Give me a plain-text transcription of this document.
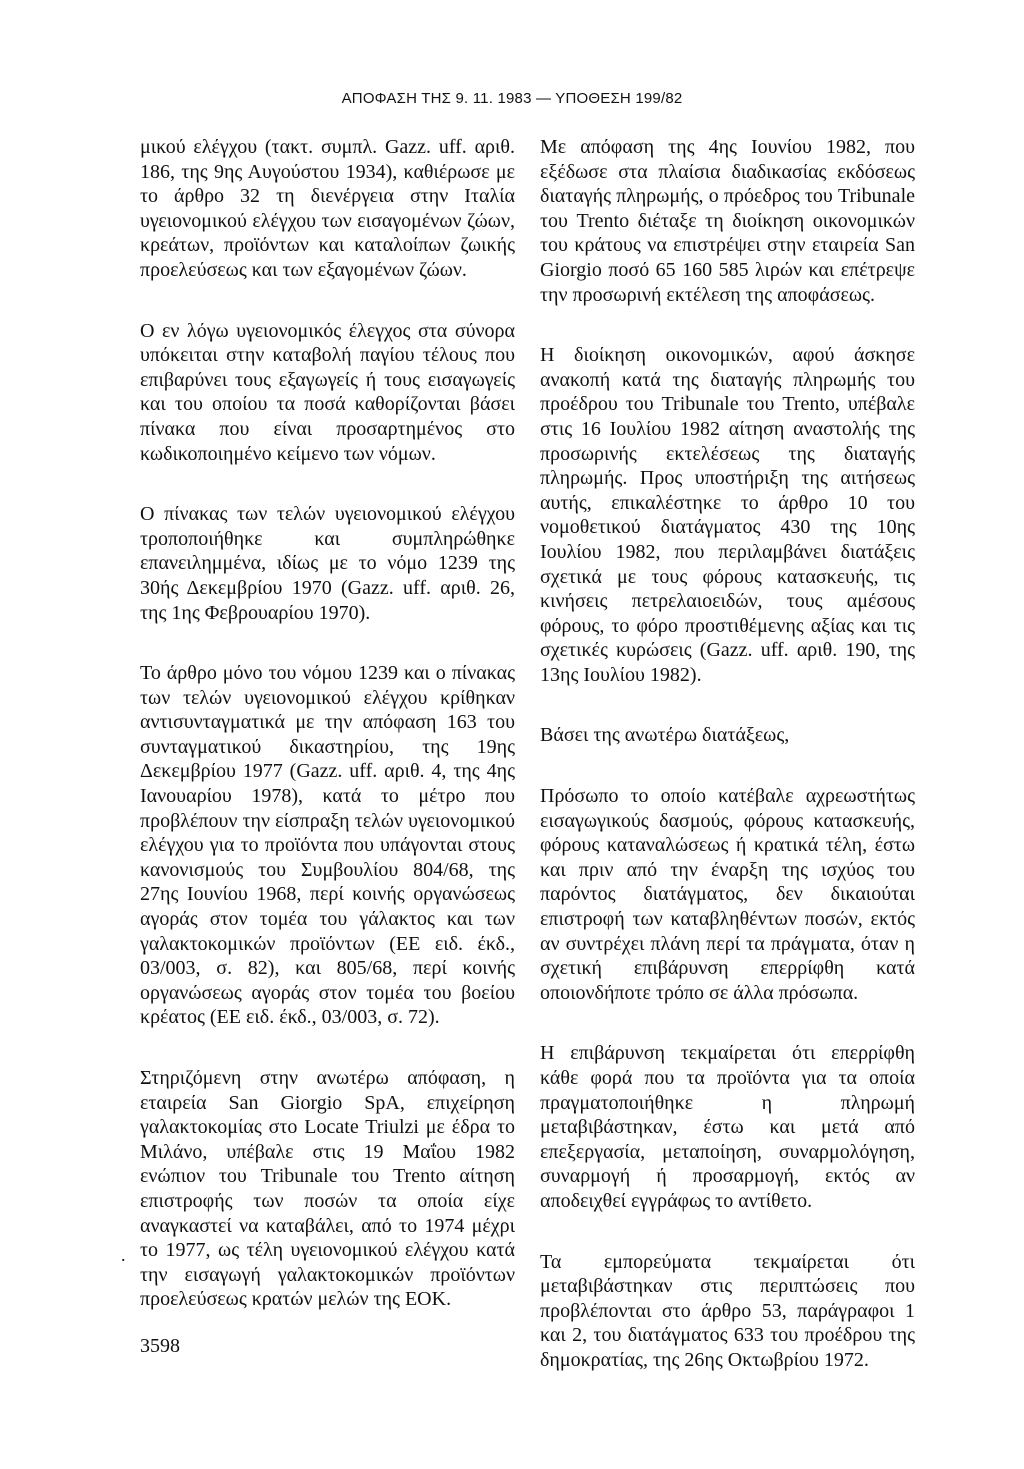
ΑΠΟΦΑΣΗ ΤΗΣ 9. 11. 1983 — ΥΠΟΘΕΣΗ 199/82

μικού ελέγχου (τακτ. συμπλ. Gazz. uff. αριθ. 186, της 9ης Αυγούστου 1934), καθιέρωσε με το άρθρο 32 τη διενέργεια στην Ιταλία υγειονομικού ελέγχου των εισαγομένων ζώων, κρεάτων, προϊόντων και καταλοίπων ζωικής προελεύσεως και των εξαγομένων ζώων.

Ο εν λόγω υγειονομικός έλεγχος στα σύνορα υπόκειται στην καταβολή παγίου τέλους που επιβαρύνει τους εξαγωγείς ή τους εισαγωγείς και του οποίου τα ποσά καθορίζονται βάσει πίνακα που είναι προσαρτημένος στο κωδικοποιημένο κείμενο των νόμων.

Ο πίνακας των τελών υγειονομικού ελέγχου τροποποιήθηκε και συμπληρώθηκε επανειλημμένα, ιδίως με το νόμο 1239 της 30ής Δεκεμβρίου 1970 (Gazz. uff. αριθ. 26, της 1ης Φεβρουαρίου 1970).

Το άρθρο μόνο του νόμου 1239 και ο πίνακας των τελών υγειονομικού ελέγχου κρίθηκαν αντισυνταγματικά με την απόφαση 163 του συνταγματικού δικαστηρίου, της 19ης Δεκεμβρίου 1977 (Gazz. uff. αριθ. 4, της 4ης Ιανουαρίου 1978), κατά το μέτρο που προβλέπουν την είσπραξη τελών υγειονομικού ελέγχου για το προϊόντα που υπάγονται στους κανονισμούς του Συμβουλίου 804/68, της 27ης Ιουνίου 1968, περί κοινής οργανώσεως αγοράς στον τομέα του γάλακτος και των γαλακτοκομικών προϊόντων (ΕΕ ειδ. έκδ., 03/003, σ. 82), και 805/68, περί κοινής οργανώσεως αγοράς στον τομέα του βοείου κρέατος (ΕΕ ειδ. έκδ., 03/003, σ. 72).

Στηριζόμενη στην ανωτέρω απόφαση, η εταιρεία San Giorgio SpA, επιχείρηση γαλακτοκομίας στο Locate Triulzi με έδρα το Μιλάνο, υπέβαλε στις 19 Μαΐου 1982 ενώπιον του Tribunale του Trento αίτηση επιστροφής των ποσών τα οποία είχε αναγκαστεί να καταβάλει, από το 1974 μέχρι το 1977, ως τέλη υγειονομικού ελέγχου κατά την εισαγωγή γαλακτοκομικών προϊόντων προελεύσεως κρατών μελών της ΕΟΚ.

Με απόφαση της 4ης Ιουνίου 1982, που εξέδωσε στα πλαίσια διαδικασίας εκδόσεως διαταγής πληρωμής, ο πρόεδρος του Tribunale του Trento διέταξε τη διοίκηση οικονομικών του κράτους να επιστρέψει στην εταιρεία San Giorgio ποσό 65 160 585 λιρών και επέτρεψε την προσωρινή εκτέλεση της αποφάσεως.

Η διοίκηση οικονομικών, αφού άσκησε ανακοπή κατά της διαταγής πληρωμής του προέδρου του Tribunale του Trento, υπέβαλε στις 16 Ιουλίου 1982 αίτηση αναστολής της προσωρινής εκτελέσεως της διαταγής πληρωμής. Προς υποστήριξη της αιτήσεως αυτής, επικαλέστηκε το άρθρο 10 του νομοθετικού διατάγματος 430 της 10ης Ιουλίου 1982, που περιλαμβάνει διατάξεις σχετικά με τους φόρους κατασκευής, τις κινήσεις πετρελαιοειδών, τους αμέσους φόρους, το φόρο προστιθέμενης αξίας και τις σχετικές κυρώσεις (Gazz. uff. αριθ. 190, της 13ης Ιουλίου 1982).

Βάσει της ανωτέρω διατάξεως,

Πρόσωπο το οποίο κατέβαλε αχρεωστήτως εισαγωγικούς δασμούς, φόρους κατασκευής, φόρους καταναλώσεως ή κρατικά τέλη, έστω και πριν από την έναρξη της ισχύος του παρόντος διατάγματος, δεν δικαιούται επιστροφή των καταβληθέντων ποσών, εκτός αν συντρέχει πλάνη περί τα πράγματα, όταν η σχετική επιβάρυνση επερρίφθη κατά οποιονδήποτε τρόπο σε άλλα πρόσωπα.

Η επιβάρυνση τεκμαίρεται ότι επερρίφθη κάθε φορά που τα προϊόντα για τα οποία πραγματοποιήθηκε η πληρωμή μεταβιβάστηκαν, έστω και μετά από επεξεργασία, μεταποίηση, συναρμολόγηση, συναρμογή ή προσαρμογή, εκτός αν αποδειχθεί εγγράφως το αντίθετο.

Τα εμπορεύματα τεκμαίρεται ότι μεταβιβάστηκαν στις περιπτώσεις που προβλέπονται στο άρθρο 53, παράγραφοι 1 και 2, του διατάγματος 633 του προέδρου της δημοκρατίας, της 26ης Οκτωβρίου 1972.

.
3598
